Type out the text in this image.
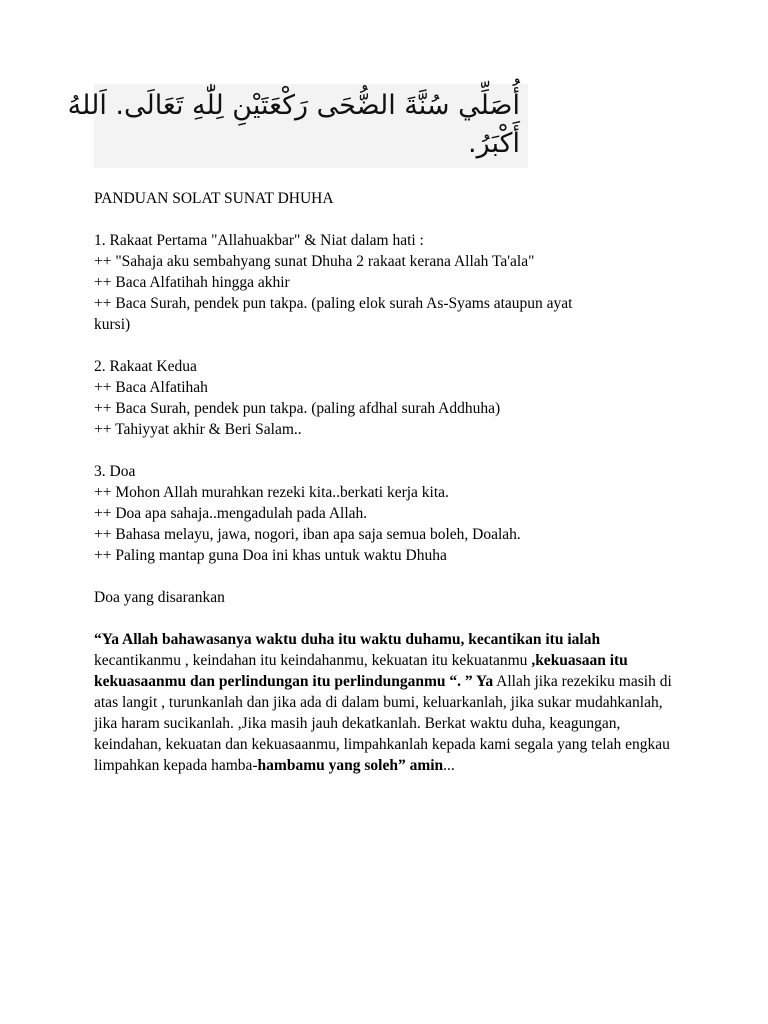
أُصَلِّي سُنَّةَ الضُّحَى رَكْعَتَيْنِ لِلّٰهِ تَعَالَى. اَللهُ
أَكْبَرُ.

PANDUAN SOLAT SUNAT DHUHA

1. Rakaat Pertama "Allahuakbar" & Niat dalam hati :

++ "Sahaja aku sembahyang sunat Dhuha 2 rakaat kerana Allah Ta'ala"

++ Baca Alfatihah hingga akhir

++ Baca Surah, pendek pun takpa. (paling elok surah As-Syams ataupun ayat

kursi)

2. Rakaat Kedua

++ Baca Alfatihah

++ Baca Surah, pendek pun takpa. (paling afdhal surah Addhuha)

++ Tahiyyat akhir & Beri Salam..

3. Doa

++ Mohon Allah murahkan rezeki kita..berkati kerja kita.

++ Doa apa sahaja..mengadulah pada Allah.

++ Bahasa melayu, jawa, nogori, iban apa saja semua boleh, Doalah.

++ Paling mantap guna Doa ini khas untuk waktu Dhuha

Doa yang disarankan

“Ya Allah bahawasanya waktu duha itu waktu duhamu, kecantikan itu ialah kecantikanmu , keindahan itu keindahanmu, kekuatan itu kekuatanmu ,kekuasaan itu kekuasaanmu dan perlindungan itu perlindunganmu “. ” Ya Allah jika rezekiku masih di atas langit , turunkanlah dan jika ada di dalam bumi, keluarkanlah, jika sukar mudahkanlah, jika haram sucikanlah. ,Jika masih jauh dekatkanlah. Berkat waktu duha, keagungan, keindahan, kekuatan dan kekuasaanmu, limpahkanlah kepada kami segala yang telah engkau limpahkan kepada hamba-hambamu yang soleh” amin...
